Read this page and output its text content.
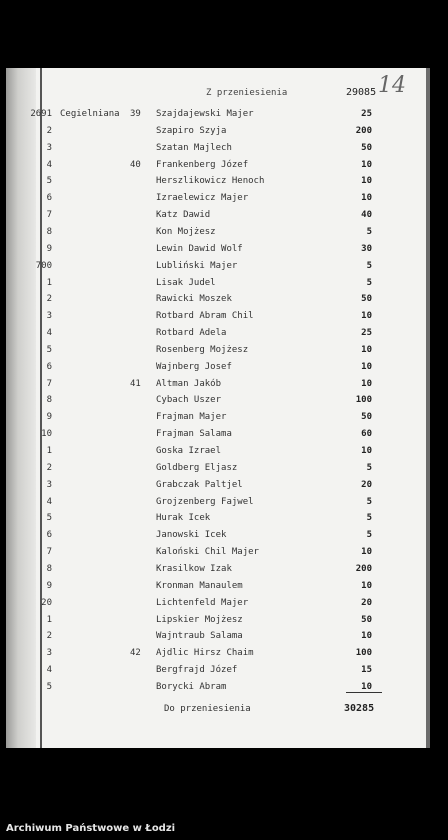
Z przeniesienia	29085 14
2691 Cegielniana 39 Szajdajewski Majer	25
2	Szapiro Szyja	200
3	Szatan Majlech	50
4	40 Frankenberg Józef	10
5	Herszlikowicz Henoch	10
6	Izraelewicz Majer	10
7	Katz Dawid	40
8	Kon Mojżesz	5
9	Lewin Dawid Wolf	30
700	Lubliński Majer	5
1	Lisak Judel	5
2	Rawicki Moszek	50
3	Rotbard Abram Chil	10
4	Rotbard Adela	25
5	Rosenberg Mojżesz	10
6	Wajnberg Josef	10
7	41 Altman Jakób	10
8	Cybach Uszer	100
9	Frajman Majer	50
10	Frajman Salama	60
1	Goska Izrael	10
2	Goldberg Eljasz	5
3	Grabczak Paltjel	20
4	Grojzenberg Fajwel	5
5	Hurak Icek	5
6	Janowski Icek	5
7	Kaloński Chil Majer	10
8	Krasilkow Izak	200
9	Kronman Manaulem	10
20	Lichtenfeld Majer	20
1	Lipskier Mojżesz	50
2	Wajntraub Salama	10
3	42 Ajdlic Hirsz Chaim	100
4	Bergfrajd Józef	15
5	Borycki Abram	10
Do przeniesienia	30285
Archiwum Państwowe w Łodzi
